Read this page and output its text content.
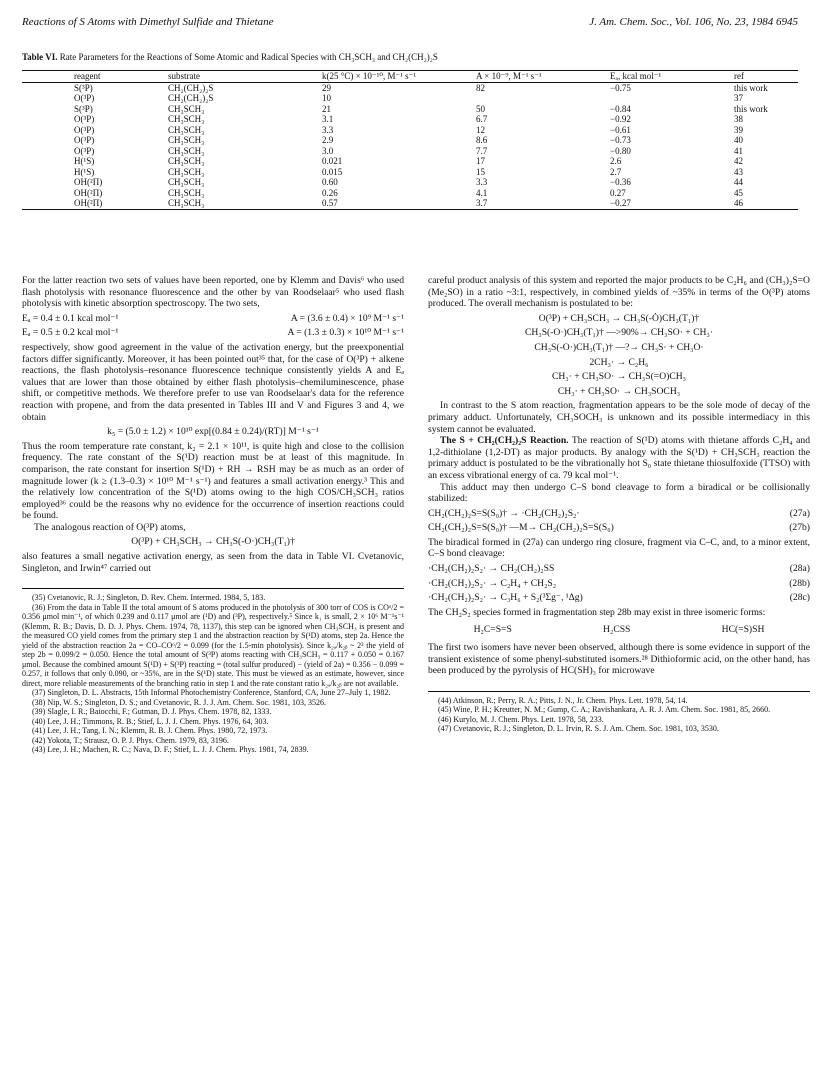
Reactions of S Atoms with Dimethyl Sulfide and Thietane	J. Am. Chem. Soc., Vol. 106, No. 23, 1984 6945
Table VI. Rate Parameters for the Reactions of Some Atomic and Radical Species with CH₃SCH₃ and CH₂(CH₂)₂S
reagent	substrate	k(25 °C) × 10⁻¹⁰, M⁻¹ s⁻¹	A × 10⁻⁹, M⁻¹ s⁻¹	Eₐ, kcal mol⁻¹	ref
S(³P)	CH₂(CH₂)₂S	29	82	−0.75	this work
O(³P)	CH₂(CH₂)₂S	10			37
S(³P)	CH₃SCH₃	21	50	−0.84	this work
O(³P)	CH₃SCH₃	3.1	6.7	−0.92	38
O(³P)	CH₃SCH₃	3.3	12	−0.61	39
O(³P)	CH₃SCH₃	2.9	8.6	−0.73	40
O(³P)	CH₃SCH₃	3.0	7.7	−0.80	41
H(¹S)	CH₃SCH₃	0.021	17	2.6	42
H(¹S)	CH₃SCH₃	0.015	15	2.7	43
OH(²Π)	CH₃SCH₃	0.60	3.3	−0.36	44
OH(²Π)	CH₃SCH₃	0.26	4.1	0.27	45
OH(²Π)	CH₃SCH₃	0.57	3.7	−0.27	46

For the latter reaction two sets of values have been reported, one by Klemm and Davis⁶ who used flash photolysis with resonance fluorescence and the other by van Roodselaar⁵ who used flash photolysis with kinetic absorption spectroscopy. The two sets,

Eₐ = 0.4 ± 0.1 kcal mol⁻¹	A = (3.6 ± 0.4) × 10⁹ M⁻¹ s⁻¹
Eₐ = 0.5 ± 0.2 kcal mol⁻¹	A = (1.3 ± 0.3) × 10¹⁰ M⁻¹ s⁻¹

respectively, show good agreement in the value of the activation energy, but the preexponential factors differ significantly. Moreover, it has been pointed out³⁵ that, for the case of O(³P) + alkene reactions, the flash photolysis–resonance fluorescence technique consistently yields A and Eₐ values that are lower than those obtained by either flash photolysis–chemiluminescence, phase shift, or competitive methods. We therefore prefer to use van Roodselaar's data for the reference reaction with propene, and from the data presented in Tables III and V and Figures 3 and 4, we obtain

k₅ = (5.0 ± 1.2) × 10¹⁰ exp[(0.84 ± 0.24)/(RT)] M⁻¹ s⁻¹

Thus the room temperature rate constant, k₂ = 2.1 × 10¹¹, is quite high and close to the collision frequency. The rate constant of the S(¹D) reaction must be at least of this magnitude. In comparison, the rate constant for insertion S(¹D) + RH → RSH may be as much as an order of magnitude lower (k ≥ (1.3–0.3) × 10¹⁰ M⁻¹ s⁻¹) and features a small activation energy.³ This and the relatively low concentration of the S(¹D) atoms owing to the high COS/CH₃SCH₃ ratios employed³⁶ could be the reasons why no evidence for the occurrence of insertion reactions could be found.

The analogous reaction of O(³P) atoms,

O(³P) + CH₃SCH₃ → CH₃S(-O·)CH₃(T₁)†

also features a small negative activation energy, as seen from the data in Table VI. Cvetanovic, Singleton, and Irwin⁴⁷ carried out

(35) Cvetanovic, R. J.; Singleton, D. Rev. Chem. Intermed. 1984, 5, 183.

(36) From the data in Table II the total amount of S atoms produced in the photolysis of 300 torr of COS is COᵒ/2 = 0.356 μmol min⁻¹, of which 0.239 and 0.117 μmol are (¹D) and (³P), respectively.⁵ Since k₁ is small, 2 × 10⁶ M⁻¹s⁻¹ (Klemm, R. B.; Davis, D. D. J. Phys. Chem. 1974, 78, 1137), this step can be ignored when CH₃SCH₃ is present and the measured CO yield comes from the primary step 1 and the abstraction reaction by S(¹D) atoms, step 2a. Hence the yield of the abstraction reaction 2a = CO–COᵒ/2 = 0.099 (for the 1.5-min photolysis). Since k₂ₐ/k₂ᵦ ~ 2² the yield of step 2b = 0.099/2 = 0.050. Hence the total amount of S(³P) atoms reacting with CH₃SCH₃ = 0.117 + 0.050 = 0.167 μmol. Because the combined amount S(¹D) + S(³P) reacting = (total sulfur produced) − (yield of 2a) = 0.356 − 0.099 = 0.257, it follows that only 0.090, or ~35%, are in the S(¹D) state. This must be viewed as an estimate, however, since direct, more reliable measurements of the branching ratio in step 1 and the rate constant ratio k₂ₐ/k₂ᵦ are not available.

(37) Singleton, D. L. Abstracts, 15th Informal Photochemistry Conference, Stanford, CA, June 27–July 1, 1982.

(38) Nip, W. S.; Singleton, D. S.; and Cvetanovic, R. J. J. Am. Chem. Soc. 1981, 103, 3526.

(39) Slagle, I. R.; Baiocchi, F.; Gutman, D. J. Phys. Chem. 1978, 82, 1333.

(40) Lee, J. H.; Timmons, R. B.; Stief, L. J. J. Chem. Phys. 1976, 64, 303.

(41) Lee, J. H.; Tang, I. N.; Klemm, R. B. J. Chem. Phys. 1980, 72, 1973.

(42) Yokota, T.; Strausz, O. P. J. Phys. Chem. 1979, 83, 3196.

(43) Lee, J. H.; Machen, R. C.; Nava, D. F.; Stief, L. J. J. Chem. Phys. 1981, 74, 2839.

careful product analysis of this system and reported the major products to be C₂H₆ and (CH₃)₂S=O (Me₂SO) in a ratio ~3:1, respectively, in combined yields of ~35% in terms of the O(³P) atoms produced. The overall mechanism is postulated to be:

O(³P) + CH₃SCH₃ → CH₃S(-Ȯ)CH₃(T₁)†
CH₃S(-O·)CH₃(T₁)† —>90%→ CH₃SO· + CH₃·
CH₃S(-O·)CH₃(T₁)† —?→ CH₃S· + CH₃O·
2CH₃· → C₂H₆
CH₃· + CH₃SO· → CH₃S(=O)CH₃
CH₃· + CH₃SO· → CH₃SOCH₃

In contrast to the S atom reaction, fragmentation appears to be the sole mode of decay of the primary adduct. Unfortunately, CH₃SOCH₃ is unknown and its possible intermediacy in this system cannot be evaluated.

The S + CH₂(CH₂)₂S Reaction. The reaction of S(¹D) atoms with thietane affords C₂H₄ and 1,2-dithiolane (1,2-DT) as major products. By analogy with the S(¹D) + CH₃SCH₃ reaction the primary adduct is postulated to be the vibrationally hot S₀ state thietane thiosulfoxide (TTSO) with an excess vibrational energy of ca. 79 kcal mol⁻¹.

This adduct may then undergo C–S bond cleavage to form a biradical or be collisionally stabilized:

CH₂(CH₂)₂S=S(S₀)† → ·CH₂(CH₂)₂S₂·	(27a)
CH₂(CH₂)₂S=S(S₀)† —M→ CH₂(CH₂)₂S=S(S₀)	(27b)

The biradical formed in (27a) can undergo ring closure, fragment via C–C, and, to a minor extent, C–S bond cleavage:

·CH₂(CH₂)₂S₂· → CH₂(CH₂)₂SS	(28a)
·CH₂(CH₂)₂S₂· → C₂H₄ + CH₂S₂	(28b)
·CH₂(CH₂)₂S₂· → C₃H₆ + S₂(³Σg⁻, ¹Δg)	(28c)

The CH₂S₂ species formed in fragmentation step 28b may exist in three isomeric forms:

H₂C=S=S	H₂CSS	HC(=S)SH

The first two isomers have never been observed, although there is some evidence in support of the transient existence of some phenyl-substituted isomers.²⁸ Dithioformic acid, on the other hand, has been produced by the pyrolysis of HC(SH)₃ for microwave

(44) Atkinson, R.; Perry, R. A.; Pitts, J. N., Jr. Chem. Phys. Lett. 1978, 54, 14.

(45) Wine, P. H.; Kreutter, N. M.; Gump, C. A.; Ravishankara, A. R. J. Am. Chem. Soc. 1981, 85, 2660.

(46) Kurylo, M. J. Chem. Phys. Lett. 1978, 58, 233.

(47) Cvetanovic, R. J.; Singleton, D. L. Irvin, R. S. J. Am. Chem. Soc. 1981, 103, 3530.
